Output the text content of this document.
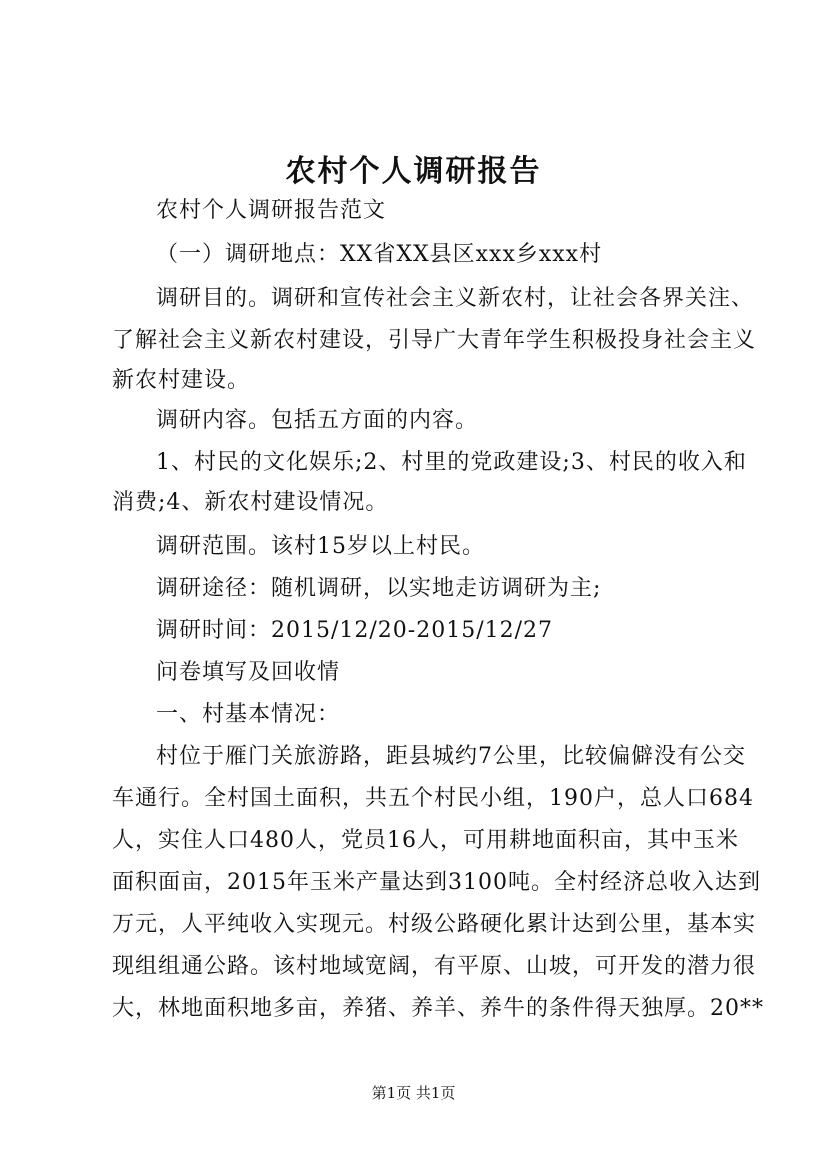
农村个人调研报告
农村个人调研报告范文
（一）调研地点：XX省XX县区xxx乡xxx村
调研目的。调研和宣传社会主义新农村，让社会各界关注、
了解社会主义新农村建设，引导广大青年学生积极投身社会主义
新农村建设。
调研内容。包括五方面的内容。
1、村民的文化娱乐;2、村里的党政建设;3、村民的收入和
消费;4、新农村建设情况。
调研范围。该村15岁以上村民。
调研途径：随机调研，以实地走访调研为主;
调研时间：2015/12/20-2015/12/27
问卷填写及回收情
一、村基本情况：
村位于雁门关旅游路，距县城约7公里，比较偏僻没有公交
车通行。全村国土面积，共五个村民小组，190户，总人口684
人，实住人口480人，党员16人，可用耕地面积亩，其中玉米
面积面亩，2015年玉米产量达到3100吨。全村经济总收入达到
万元，人平纯收入实现元。村级公路硬化累计达到公里，基本实
现组组通公路。该村地域宽阔，有平原、山坡，可开发的潜力很
大，林地面积地多亩，养猪、养羊、养牛的条件得天独厚。20**
第1页 共1页
